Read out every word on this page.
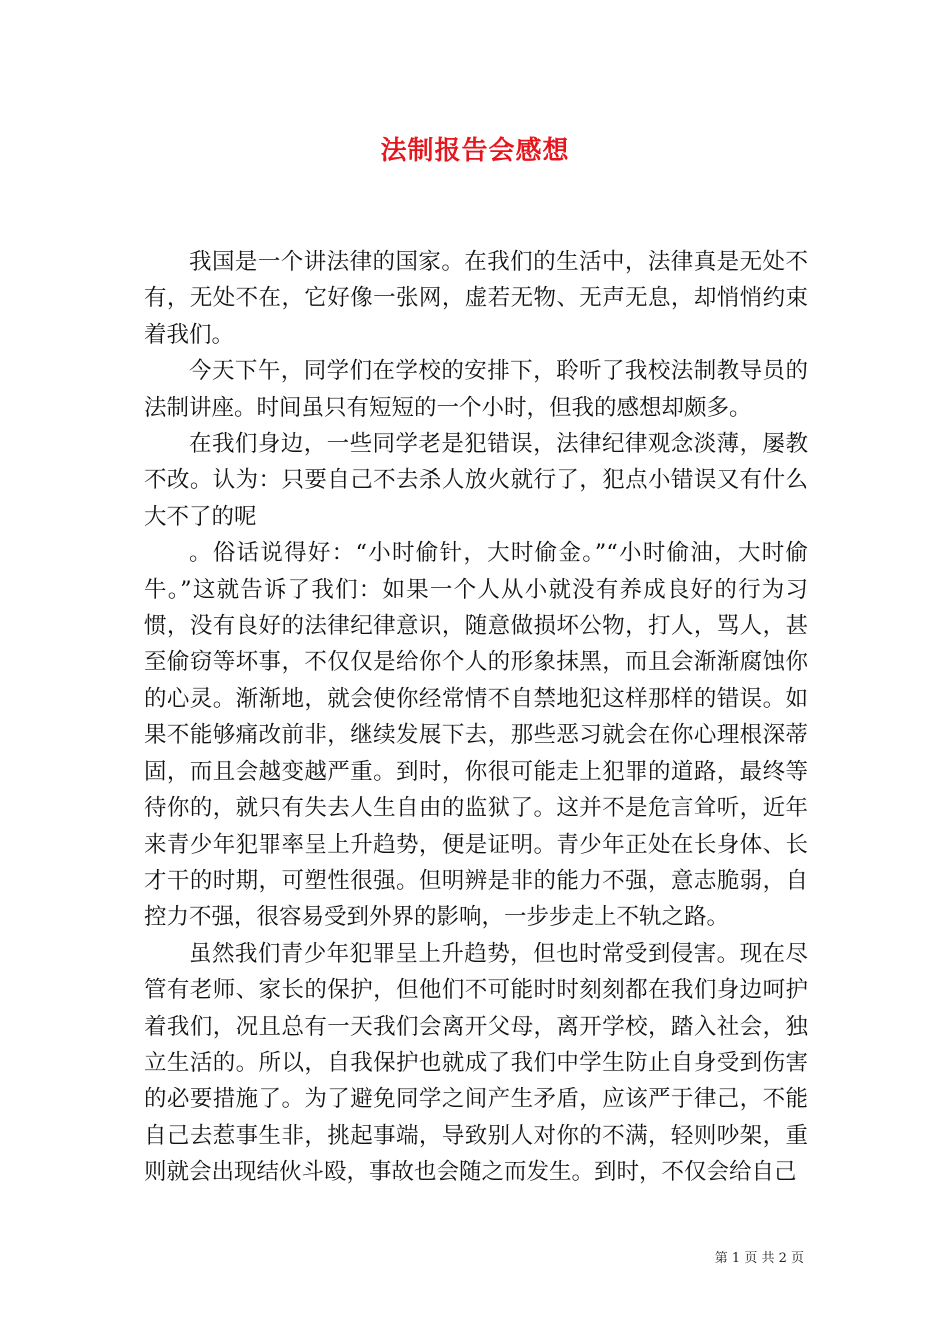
法制报告会感想

我国是一个讲法律的国家。在我们的生活中，法律真是无处不有，无处不在，它好像一张网，虚若无物、无声无息，却悄悄约束着我们。

今天下午，同学们在学校的安排下，聆听了我校法制教导员的法制讲座。时间虽只有短短的一个小时，但我的感想却颇多。

在我们身边，一些同学老是犯错误，法律纪律观念淡薄，屡教不改。认为：只要自己不去杀人放火就行了，犯点小错误又有什么大不了的呢

。俗话说得好：“小时偷针，大时偷金。”“小时偷油，大时偷牛。”这就告诉了我们：如果一个人从小就没有养成良好的行为习惯，没有良好的法律纪律意识，随意做损坏公物，打人，骂人，甚至偷窃等坏事，不仅仅是给你个人的形象抹黑，而且会渐渐腐蚀你的心灵。渐渐地，就会使你经常情不自禁地犯这样那样的错误。如果不能够痛改前非，继续发展下去，那些恶习就会在你心理根深蒂固，而且会越变越严重。到时，你很可能走上犯罪的道路，最终等待你的，就只有失去人生自由的监狱了。这并不是危言耸听，近年来青少年犯罪率呈上升趋势，便是证明。青少年正处在长身体、长才干的时期，可塑性很强。但明辨是非的能力不强，意志脆弱，自控力不强，很容易受到外界的影响，一步步走上不轨之路。

虽然我们青少年犯罪呈上升趋势，但也时常受到侵害。现在尽管有老师、家长的保护，但他们不可能时时刻刻都在我们身边呵护着我们，况且总有一天我们会离开父母，离开学校，踏入社会，独立生活的。所以，自我保护也就成了我们中学生防止自身受到伤害的必要措施了。为了避免同学之间产生矛盾，应该严于律己，不能自己去惹事生非，挑起事端，导致别人对你的不满，轻则吵架，重则就会出现结伙斗殴，事故也会随之而发生。到时，不仅会给自己

第 1 页 共 2 页
